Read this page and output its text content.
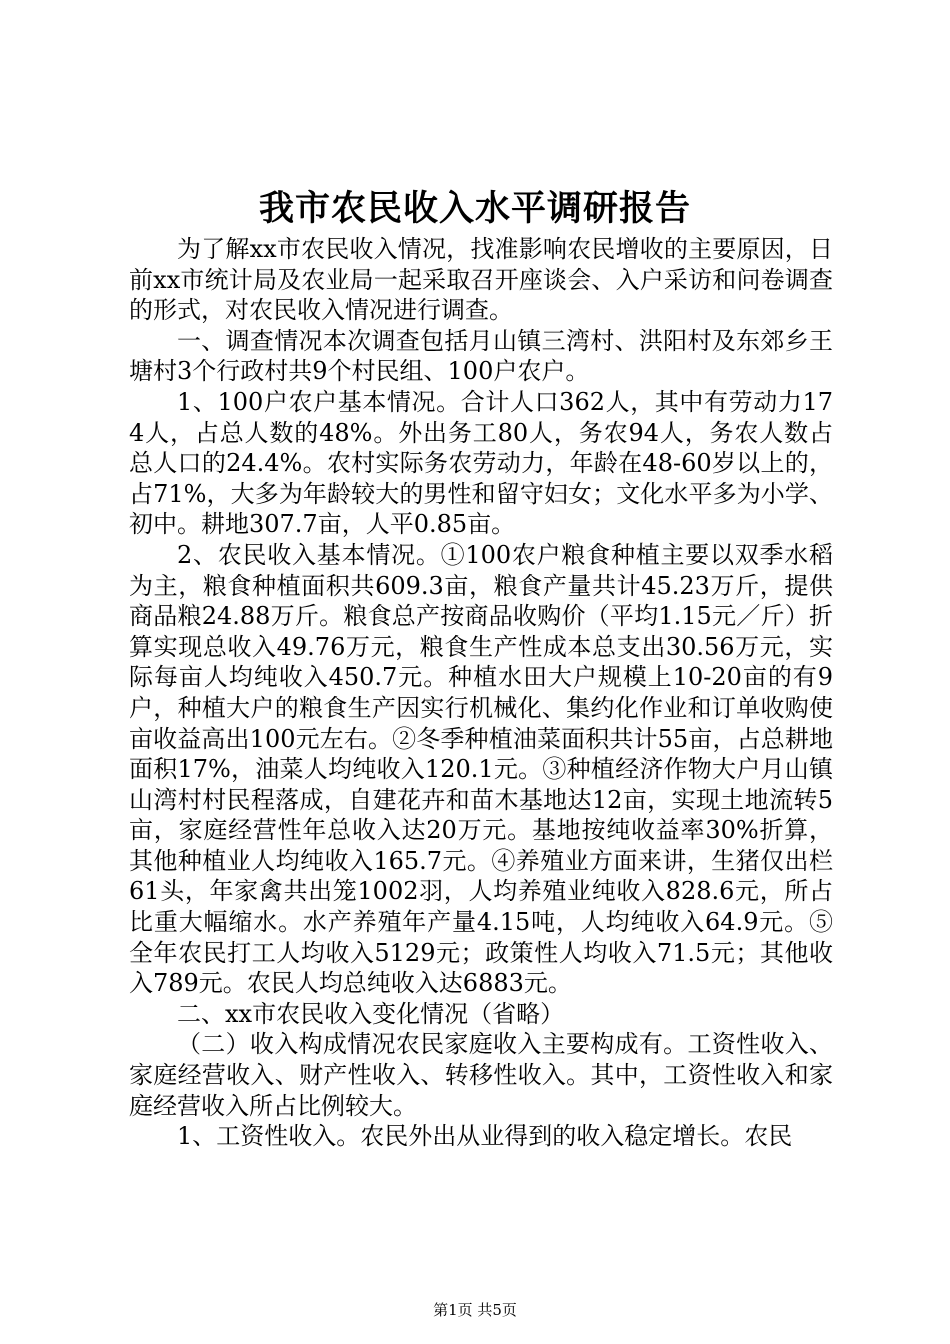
我市农民收入水平调研报告

为了解xx市农民收入情况，找准影响农民增收的主要原因，日前xx市统计局及农业局一起采取召开座谈会、入户采访和问卷调查的形式，对农民收入情况进行调查。

一、调查情况本次调查包括月山镇三湾村、洪阳村及东郊乡王塘村3个行政村共9个村民组、100户农户。

1、100户农户基本情况。合计人口362人，其中有劳动力174人，占总人数的48%。外出务工80人，务农94人，务农人数占总人口的24.4%。农村实际务农劳动力，年龄在48-60岁以上的，占71%，大多为年龄较大的男性和留守妇女；文化水平多为小学、初中。耕地307.7亩，人平0.85亩。

2、农民收入基本情况。①100农户粮食种植主要以双季水稻为主，粮食种植面积共609.3亩，粮食产量共计45.23万斤，提供商品粮24.88万斤。粮食总产按商品收购价（平均1.15元／斤）折算实现总收入49.76万元，粮食生产性成本总支出30.56万元，实际每亩人均纯收入450.7元。种植水田大户规模上10-20亩的有9户，种植大户的粮食生产因实行机械化、集约化作业和订单收购使亩收益高出100元左右。②冬季种植油菜面积共计55亩，占总耕地面积17%，油菜人均纯收入120.1元。③种植经济作物大户月山镇山湾村村民程落成，自建花卉和苗木基地达12亩，实现土地流转5亩，家庭经营性年总收入达20万元。基地按纯收益率30%折算，其他种植业人均纯收入165.7元。④养殖业方面来讲，生猪仅出栏61头，年家禽共出笼1002羽，人均养殖业纯收入828.6元，所占比重大幅缩水。水产养殖年产量4.15吨，人均纯收入64.9元。⑤全年农民打工人均收入5129元；政策性人均收入71.5元；其他收入789元。农民人均总纯收入达6883元。

二、xx市农民收入变化情况（省略）

（二）收入构成情况农民家庭收入主要构成有。工资性收入、家庭经营收入、财产性收入、转移性收入。其中，工资性收入和家庭经营收入所占比例较大。

1、工资性收入。农民外出从业得到的收入稳定增长。农民

第1页 共5页
